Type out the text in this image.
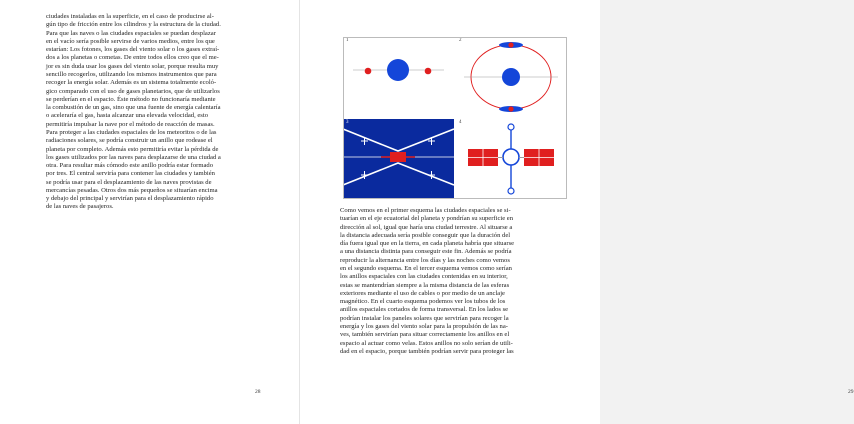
ciudades instaladas en la superficie, en el caso de producirse al-
gún tipo de fricción entre los cilindros y la estructura de la ciudad.
Para que las naves o las ciudades espaciales se puedan desplazar
en el vacío sería posible servirse de varios medios, entre los que
estarían: Los fotones, los gases del viento solar o los gases extraí-
dos a los planetas o cometas. De entre todos ellos creo que el me-
jor es sin duda usar los gases del viento solar, porque resulta muy
sencillo recogerlos, utilizando los mismos instrumentos que para
recoger la energía solar. Además es un sistema totalmente ecoló-
gico comparado con el uso de gases planetarios, que de utilizarlos
se perderían en el espacio. Éste método no funcionaría mediante
la combustión de un gas, sino que una fuente de energía calentaría
o aceleraría el gas, hasta alcanzar una elevada velocidad, esto
permitiría impulsar la nave por el método de reacción de masas.
Para proteger a las ciudades espaciales de los meteoritos o de las
radiaciones solares, se podría construir un anillo que rodease el
planeta por completo. Además esto permitiría evitar la pérdida de
los gases utilizados por las naves para desplazarse de una ciudad a
otra. Para resultar más cómodo este anillo podría estar formado
por tres. El central serviría para contener las ciudades y también
se podría usar para el desplazamiento de las naves provistas de
mercancías pesadas. Otros dos más pequeños se situarían encima
y debajo del principal y servirían para el desplazamiento rápido
de las naves de pasajeros.
28	29
1	2
3	4
Como vemos en el primer esquema las ciudades espaciales se si-
tuarían en el eje ecuatorial del planeta y pondrían su superficie en
dirección al sol, igual que haría una ciudad terrestre. Al situarse a
la distancia adecuada sería posible conseguir que la duración del
día fuera igual que en la tierra, en cada planeta habría que situarse
a una distancia distinta para conseguir este fin. Además se podría
reproducir la alternancia entre los días y las noches como vemos
en el segundo esquema. En el tercer esquema vemos como serían
los anillos espaciales con las ciudades contenidas en su interior,
estas se mantendrían siempre a la misma distancia de las esferas
exteriores mediante el uso de cables o por medio de un anclaje
magnético. En el cuarto esquema podemos ver los tubos de los
anillos espaciales cortados de forma transversal. En los lados se
podrían instalar los paneles solares que servirían para recoger la
energía y los gases del viento solar para la propulsión de las na-
ves, también servirían para situar correctamente los anillos en el
espacio al actuar como velas. Estos anillos no solo serían de utili-
dad en el espacio, porque también podrían servir para proteger las
